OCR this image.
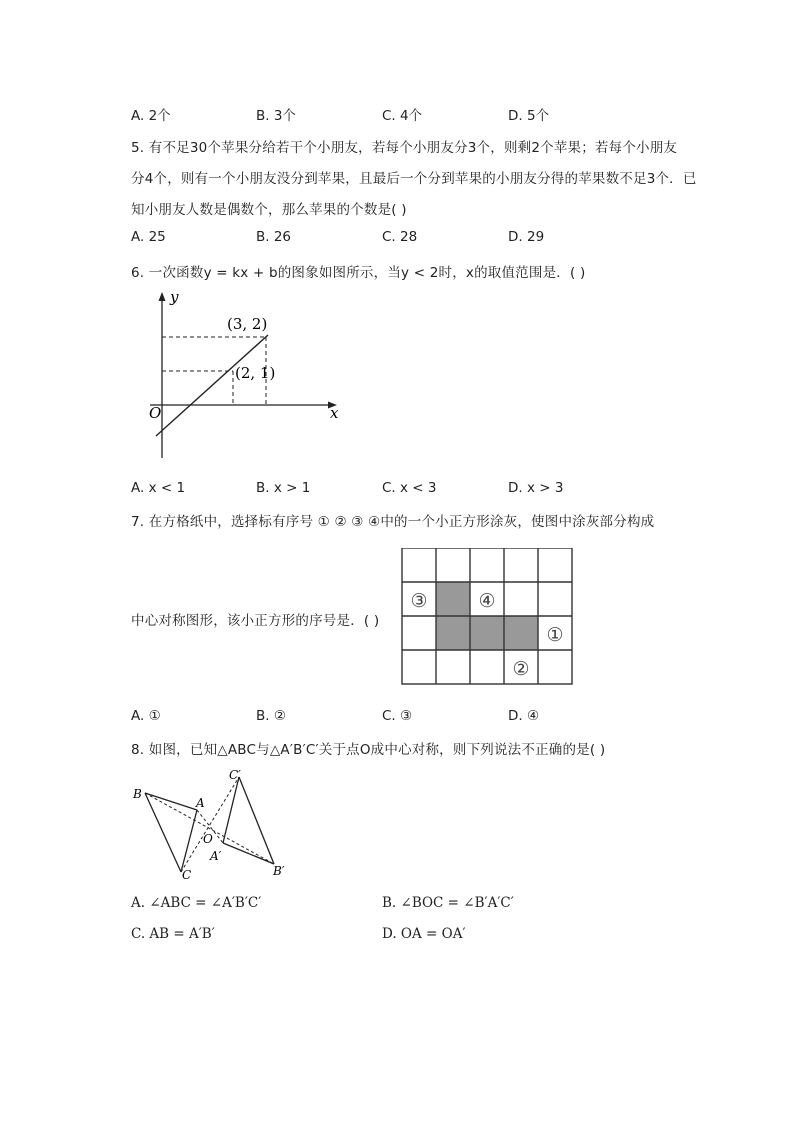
A. 2个	B. 3个	C. 4个	D. 5个
5. 有不足30个苹果分给若干个小朋友，若每个小朋友分3个，则剩2个苹果；若每个小朋友
分4个，则有一个小朋友没分到苹果，且最后一个分到苹果的小朋友分得的苹果数不足3个．已
知小朋友人数是偶数个，那么苹果的个数是( )
A. 25	B. 26	C. 28	D. 29
6. 一次函数y = kx + b的图象如图所示，当y < 2时，x的取值范围是．( )
y
x
O
(3, 2)
(2, 1)
A. x < 1	B. x > 1	C. x < 3	D. x > 3
7. 在方格纸中，选择标有序号 ① ② ③ ④中的一个小正方形涂灰，使图中涂灰部分构成
中心对称图形，该小正方形的序号是．( )
③	④
①
②
A. ①	B. ②	C. ③	D. ④
8. 如图，已知△ABC与△A′B′C′关于点O成中心对称，则下列说法不正确的是( )
B
A
O
C
C′
A′
B′
A. ∠ABC = ∠A′B′C′	B. ∠BOC = ∠B′A′C′
C. AB = A′B′	D. OA = OA′
